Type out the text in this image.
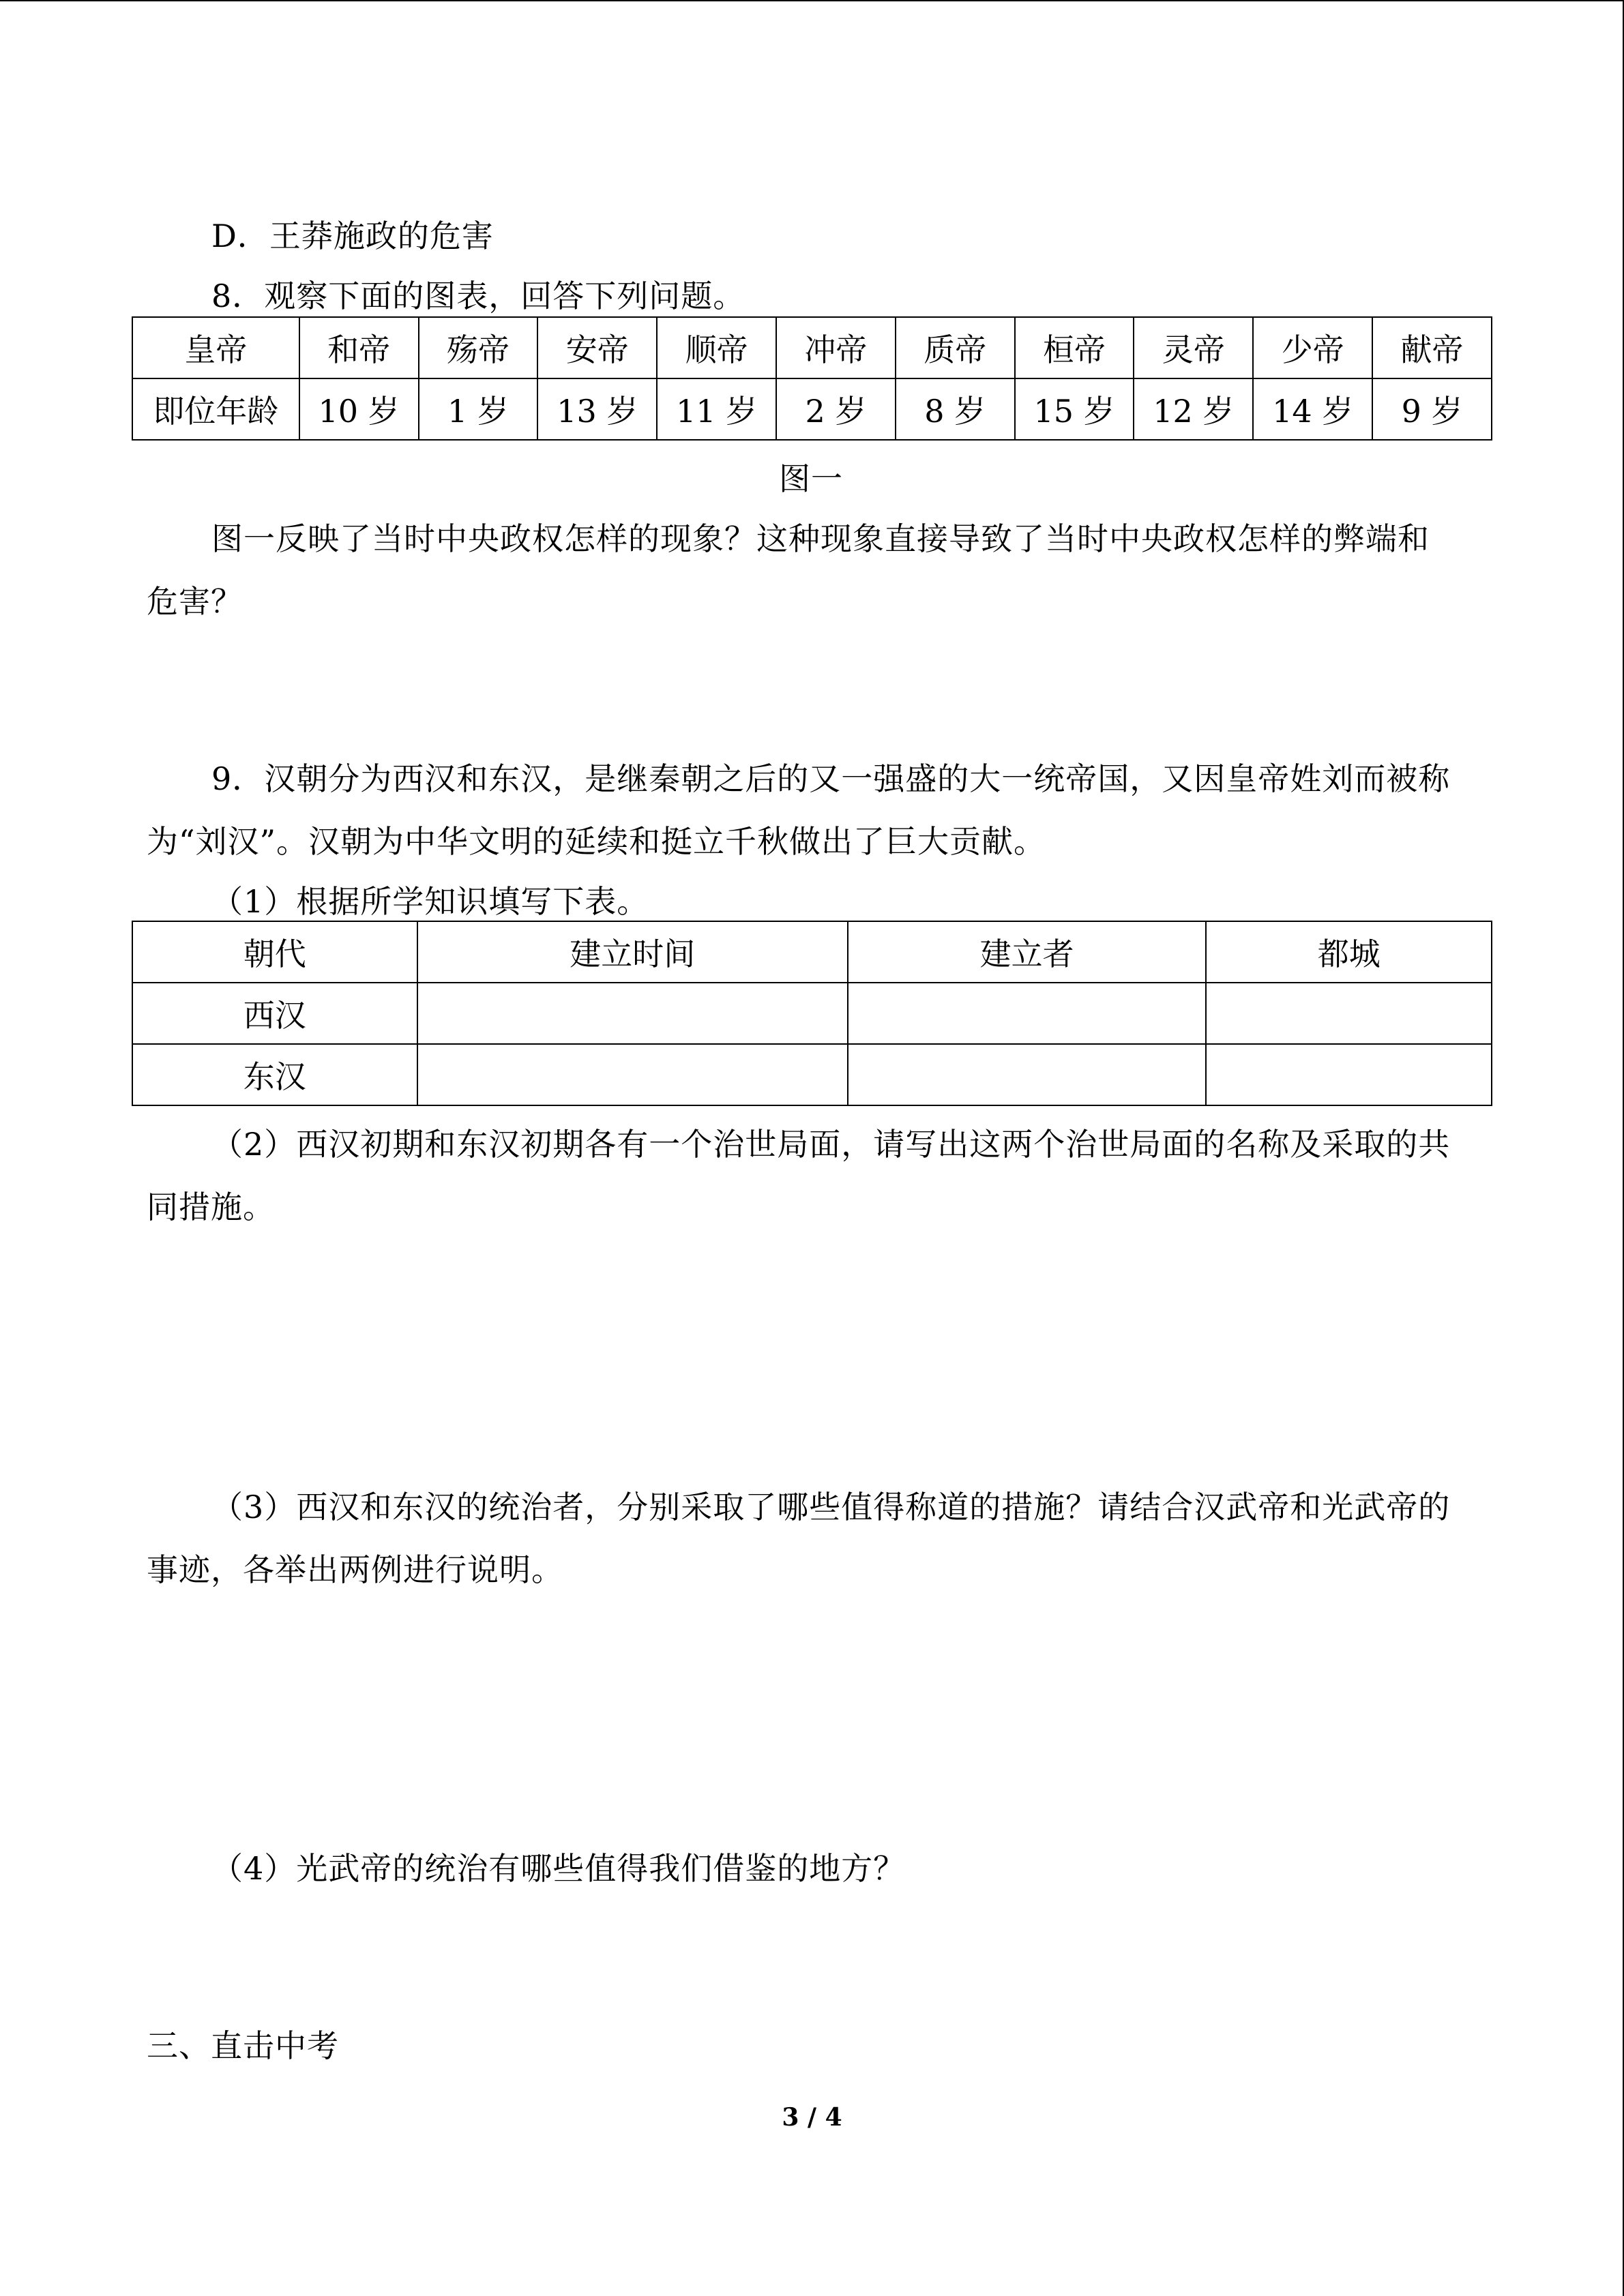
D．王莽施政的危害
8．观察下面的图表，回答下列问题。
皇帝	和帝	殇帝	安帝	顺帝	冲帝	质帝	桓帝	灵帝	少帝	献帝
即位年龄	10 岁	1 岁	13 岁	11 岁	2 岁	8 岁	15 岁	12 岁	14 岁	9 岁
图一
图一反映了当时中央政权怎样的现象？这种现象直接导致了当时中央政权怎样的弊端和
危害？
9．汉朝分为西汉和东汉，是继秦朝之后的又一强盛的大一统帝国，又因皇帝姓刘而被称
为“刘汉”。汉朝为中华文明的延续和挺立千秋做出了巨大贡献。
（1）根据所学知识填写下表。
朝代	建立时间	建立者	都城
西汉			
东汉			
（2）西汉初期和东汉初期各有一个治世局面，请写出这两个治世局面的名称及采取的共
同措施。
（3）西汉和东汉的统治者，分别采取了哪些值得称道的措施？请结合汉武帝和光武帝的
事迹，各举出两例进行说明。
（4）光武帝的统治有哪些值得我们借鉴的地方？
三、直击中考
3 / 4
